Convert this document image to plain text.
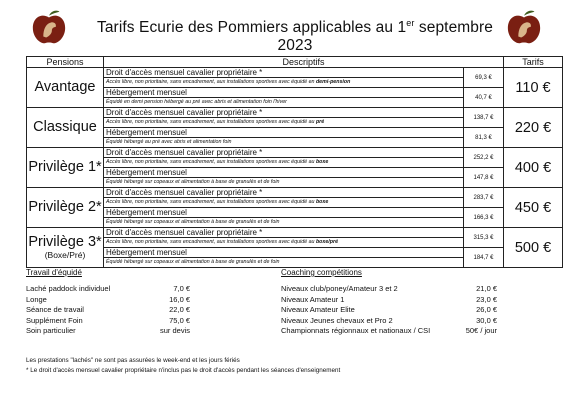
Tarifs Ecurie des Pommiers applicables au 1er septembre 2023
Pensions	Descriptifs		Tarifs
Avantage	Droit d'accès mensuel cavalier propriétaire *	69,3 €	110 €
	Accès libre, non prioritaire, sans encadrement, aux installations sportives avec équidé en demi-pension		
	Hébergement mensuel	40,7 €	
	Équidé en demi pension hébergé au pré avec abris et alimentation foin l'hiver		
Classique	Droit d'accès mensuel cavalier propriétaire *	138,7 €	220 €
	Accès libre, non prioritaire, sans encadrement, aux installations sportives avec équidé au pré		
	Hébergement mensuel	81,3 €	
	Équidé hébergé au pré avec abris et alimentation foin		
Privilège 1*	Droit d'accès mensuel cavalier propriétaire *	252,2 €	400 €
	Accès libre, non prioritaire, sans encadrement, aux installations sportives avec équidé au boxe		
	Hébergement mensuel	147,8 €	
	Équidé hébergé sur copeaux et alimentation à base de granulés et de foin		
Privilège 2*	Droit d'accès mensuel cavalier propriétaire *	283,7 €	450 €
	Accès libre, non prioritaire, sans encadrement, aux installations sportives avec équidé au boxe		
	Hébergement mensuel	166,3 €	
	Équidé hébergé sur copeaux et alimentation à base de granulés et de foin		
Privilège 3*
(Boxe/Pré)	Droit d'accès mensuel cavalier propriétaire *	315,3 €	500 €
	Accès libre, non prioritaire, sans encadrement, aux installations sportives avec équidé au boxe/pré		
	Hébergement mensuel	184,7 €	
	Équidé hébergé sur copeaux et alimentation à base de granulés et de foin		
Travail d'équidé
Laché paddock individuel	7,0 €
Longe	16,0 €
Séance de travail	22,0 €
Supplément Foin	75,0 €
Soin particulier	sur devis
Coaching compétitions
Niveaux club/poney/Amateur 3 et 2	21,0 €
Niveaux Amateur 1	23,0 €
Niveaux Amateur Elite	26,0 €
Niveaux Jeunes chevaux et Pro 2	30,0 €
Championnats régionnaux et nationaux / CSI	50€ / jour
Les prestations "lachés" ne sont pas assurées le week-end et les jours fériés
* Le droit d'accès mensuel cavalier propriétaire n'inclus pas le droit d'accès pendant les séances d'enseignement
